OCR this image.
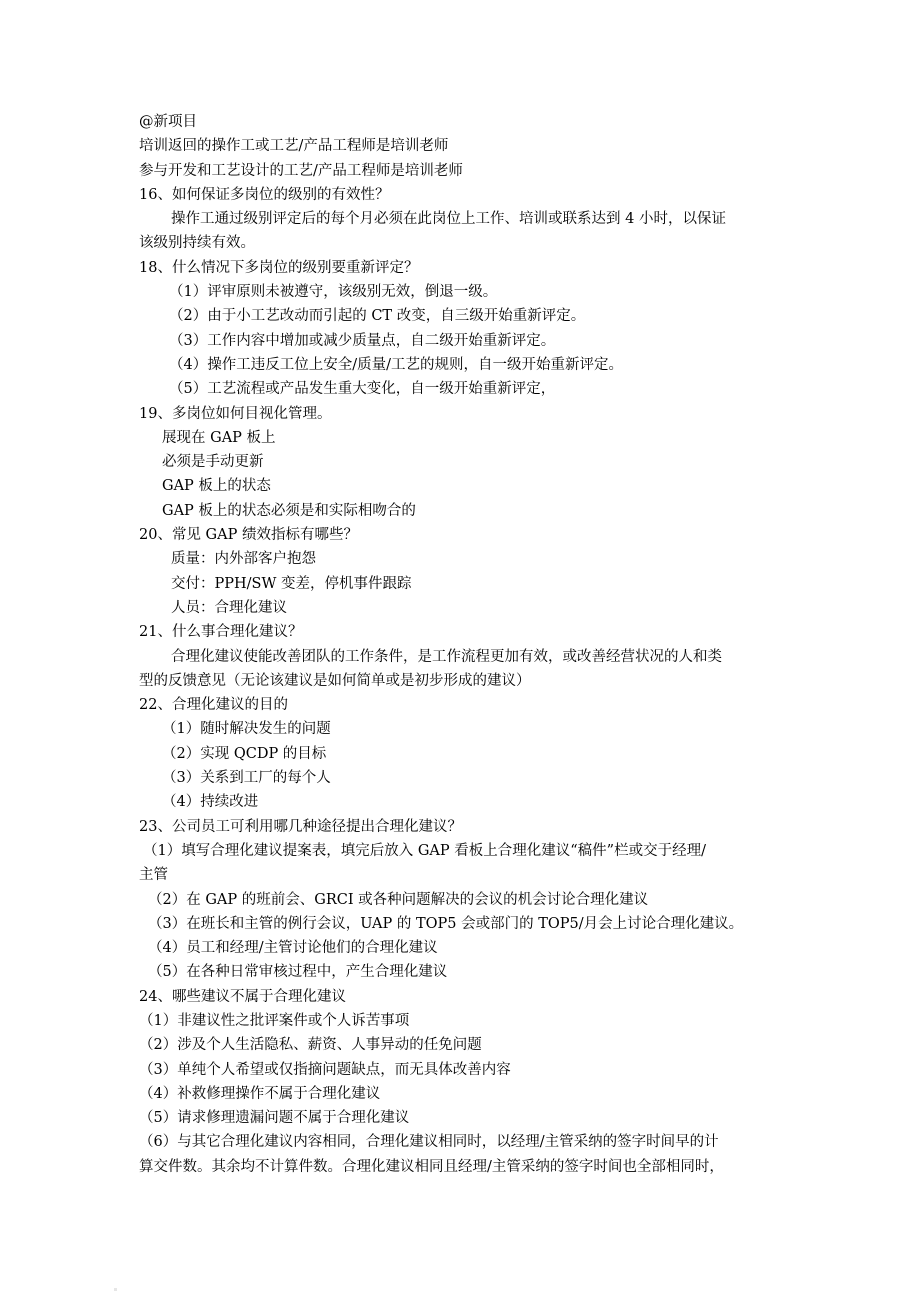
@新项目
培训返回的操作工或工艺/产品工程师是培训老师
参与开发和工艺设计的工艺/产品工程师是培训老师
16、如何保证多岗位的级别的有效性？
操作工通过级别评定后的每个月必须在此岗位上工作、培训或联系达到 4 小时，以保证
该级别持续有效。
18、什么情况下多岗位的级别要重新评定？
（1）评审原则未被遵守，该级别无效，倒退一级。
（2）由于小工艺改动而引起的 CT 改变，自三级开始重新评定。
（3）工作内容中增加或减少质量点，自二级开始重新评定。
（4）操作工违反工位上安全/质量/工艺的规则，自一级开始重新评定。
（5）工艺流程或产品发生重大变化，自一级开始重新评定，
19、多岗位如何目视化管理。
展现在 GAP 板上
必须是手动更新
GAP 板上的状态
GAP 板上的状态必须是和实际相吻合的
20、常见 GAP 绩效指标有哪些？
质量：内外部客户抱怨
交付：PPH/SW 变差，停机事件跟踪
人员：合理化建议
21、什么事合理化建议？
合理化建议使能改善团队的工作条件，是工作流程更加有效，或改善经营状况的人和类
型的反馈意见（无论该建议是如何简单或是初步形成的建议）
22、合理化建议的目的
（1）随时解决发生的问题
（2）实现 QCDP 的目标
（3）关系到工厂的每个人
（4）持续改进
23、公司员工可利用哪几种途径提出合理化建议？
（1）填写合理化建议提案表，填完后放入 GAP 看板上合理化建议“稿件”栏或交于经理/
主管
（2）在 GAP 的班前会、GRCI 或各种问题解决的会议的机会讨论合理化建议
（3）在班长和主管的例行会议，UAP 的 TOP5 会或部门的 TOP5/月会上讨论合理化建议。
（4）员工和经理/主管讨论他们的合理化建议
（5）在各种日常审核过程中，产生合理化建议
24、哪些建议不属于合理化建议
（1）非建议性之批评案件或个人诉苦事项
（2）涉及个人生活隐私、薪资、人事异动的任免问题
（3）单纯个人希望或仅指摘问题缺点，而无具体改善内容
（4）补救修理操作不属于合理化建议
（5）请求修理遗漏问题不属于合理化建议
（6）与其它合理化建议内容相同，合理化建议相同时，以经理/主管采纳的签字时间早的计
算交件数。其余均不计算件数。合理化建议相同且经理/主管采纳的签字时间也全部相同时，
